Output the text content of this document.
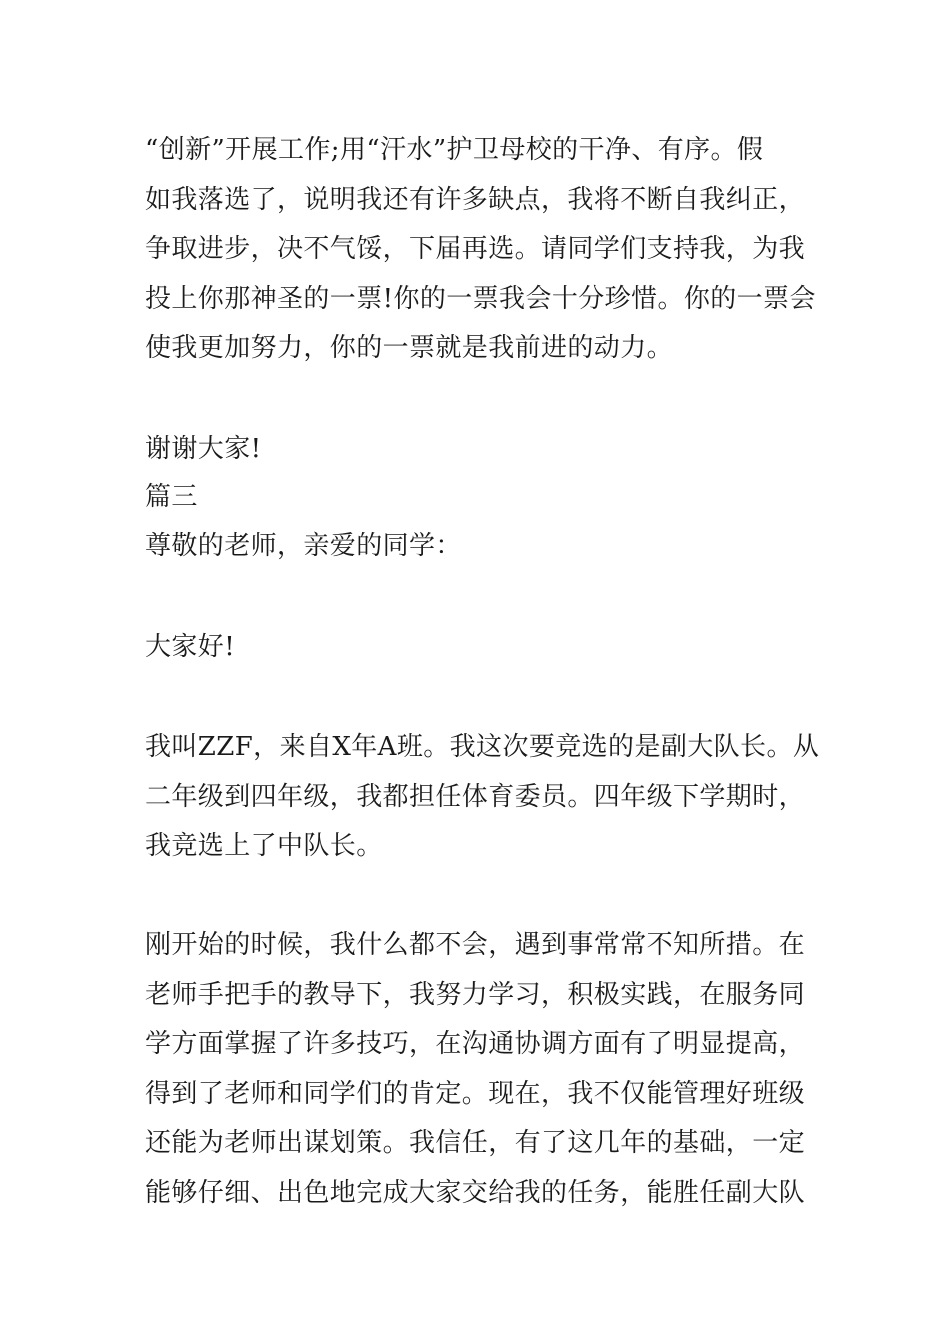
“创新”开展工作;用“汗水”护卫母校的干净、有序。假
如我落选了，说明我还有许多缺点，我将不断自我纠正，
争取进步，决不气馁，下届再选。请同学们支持我，为我
投上你那神圣的一票!你的一票我会十分珍惜。你的一票会
使我更加努力，你的一票就是我前进的动力。
谢谢大家!
篇三
尊敬的老师，亲爱的同学：
大家好!
我叫ZZF，来自X年A班。我这次要竞选的是副大队长。从
二年级到四年级，我都担任体育委员。四年级下学期时，
我竞选上了中队长。
刚开始的时候，我什么都不会，遇到事常常不知所措。在
老师手把手的教导下，我努力学习，积极实践，在服务同
学方面掌握了许多技巧，在沟通协调方面有了明显提高，
得到了老师和同学们的肯定。现在，我不仅能管理好班级
还能为老师出谋划策。我信任，有了这几年的基础，一定
能够仔细、出色地完成大家交给我的任务，能胜任副大队
